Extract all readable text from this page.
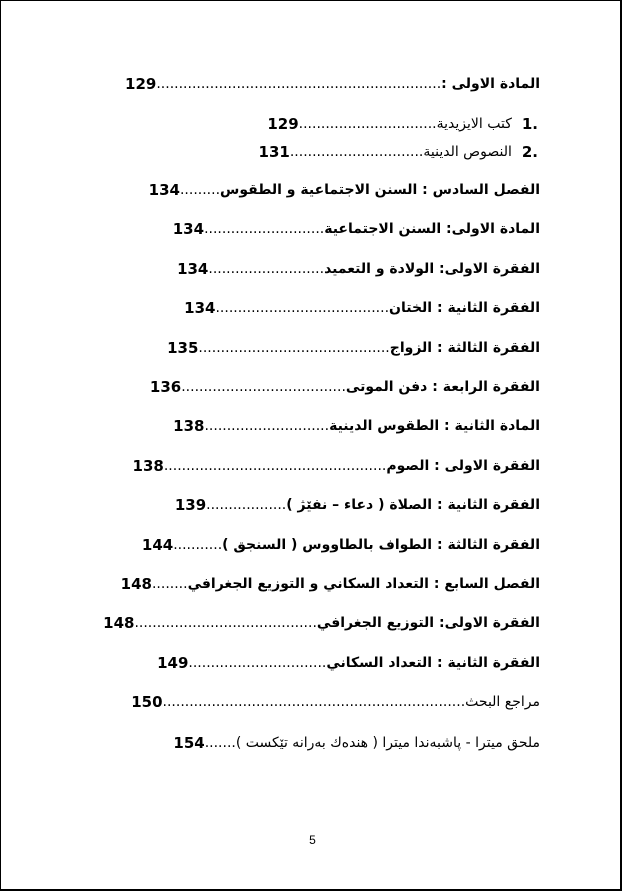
المادة الاولى :
................................................................
129
1.
كتب الايزيدية
...............................
129
2.
النصوص الدينية
..............................
131
الفصل السادس : السنن الاجتماعية و الطقوس
.........
134
المادة الاولى: السنن الاجتماعية
...........................
134
الفقرة الاولى: الولادة و التعميد
..........................
134
الفقرة الثانية : الختان
.......................................
134
الفقرة الثالثة : الزواج
...........................................
135
الفقرة الرابعة : دفن الموتى
.....................................
136
المادة الثانية : الطقوس الدينية
............................
138
الفقرة الاولى : الصوم
..................................................
138
الفقرة الثانية : الصلاة ( دعاء – نفێژ )
..................
139
الفقرة الثالثة : الطواف بالطاووس ( السنجق )
...........
144
الفصل السابع : التعداد السكاني و التوزيع الجغرافي
........
148
الفقرة الاولى: التوزيع الجغرافي
.........................................
148
الفقرة الثانية : التعداد السكاني
...............................
149
مراجع البحث
....................................................................
150
ملحق ميترا - پاشبەندا میترا ( هندەك بەرانە تێكست )
.......
154
5
